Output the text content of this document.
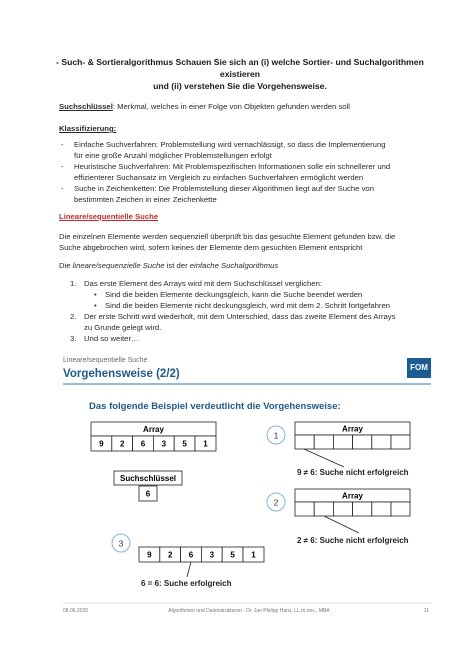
- Such- & Sortieralgorithmus Schauen Sie sich an (i) welche Sortier- und Suchalgorithmen existieren
und (ii) verstehen Sie die Vorgehensweise.
Suchschlüssel: Merkmal, welches in einer Folge von Objekten gefunden werden soll
Klassifizierung:
- Einfache Suchverfahren: Problemstellung wird vernachlässigt, so dass die Implementierung
für eine große Anzahl möglicher Problemstellungen erfolgt
- Heuristische Suchverfahren: Mit Problemspezifischen Informationen solle ein schnellerer und
effizienterer Suchansatz im Vergleich zu einfachen Suchverfahren ermöglicht werden
- Suche in Zeichenketten: Die Problemstellung dieser Algorithmen liegt auf der Suche von
bestimmten Zeichen in einer Zeichenkette
Lineare/sequentielle Suche
Die einzelnen Elemente werden sequenziell überprüft bis das gesuchte Element gefunden bzw. die
Suche abgebrochen wird, sofern keines der Elemente dem gesuchten Element entspricht
Die lineare/sequenzielle Suche ist der einfache Suchalgorithmus
1. Das erste Element des Arrays wird mit dem Suchschlüssel verglichen:
• Sind die beiden Elemente deckungsgleich, kann die Suche beendet werden
• Sind die beiden Elemente nicht deckungsgleich, wird mit dem 2. Schritt fortgefahren
2. Der erste Schritt wird wiederholt, mit dem Unterschied, dass das zweite Element des Arrays
zu Grunde gelegt wird.
3. Und so weiter…
Lineare/sequentielle Suche
Vorgehensweise (2/2)
FOM
Das folgende Beispiel verdeutlicht die Vorgehensweise:
Array
9 2 6 3 5 1
Suchschlüssel
6
1
Array
9 ≠ 6: Suche nicht erfolgreich
2
Array
2 ≠ 6: Suche nicht erfolgreich
3
9 2 6 3 5 1
6 = 6: Suche erfolgreich
08.06.2020	Algorithmen und Datenstrukturen - Dr. Jan Philipp Hans, LL.m.oec., MBA	11
